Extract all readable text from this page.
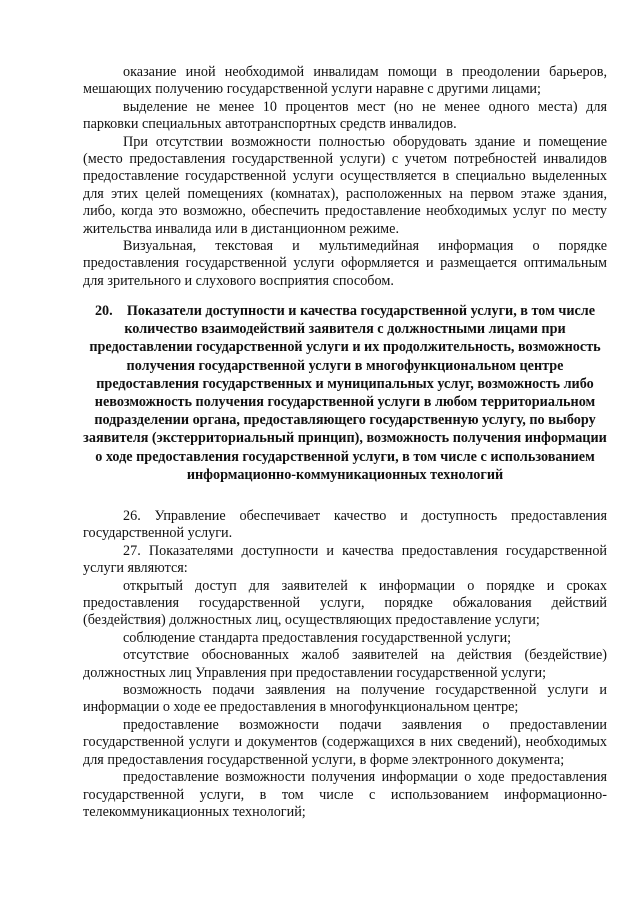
оказание иной необходимой инвалидам помощи в преодолении барьеров, мешающих получению государственной услуги наравне с другими лицами;

выделение не менее 10 процентов мест (но не менее одного места) для парковки специальных автотранспортных средств инвалидов.

При отсутствии возможности полностью оборудовать здание и помещение (место предоставления государственной услуги) с учетом потребностей инвалидов предоставление государственной услуги осуществляется в специально выделенных для этих целей помещениях (комнатах), расположенных на первом этаже здания, либо, когда это возможно, обеспечить предоставление необходимых услуг по месту жительства инвалида или в дистанционном режиме.

Визуальная, текстовая и мультимедийная информация о порядке предоставления государственной услуги оформляется и размещается оптимальным для зрительного и слухового восприятия способом.

20. Показатели доступности и качества государственной услуги, в том числе количество взаимодействий заявителя с должностными лицами при предоставлении государственной услуги и их продолжительность, возможность получения государственной услуги в многофункциональном центре предоставления государственных и муниципальных услуг, возможность либо невозможность получения государственной услуги в любом территориальном подразделении органа, предоставляющего государственную услугу, по выбору заявителя (экстерриториальный принцип), возможность получения информации о ходе предоставления государственной услуги, в том числе с использованием информационно-коммуникационных технологий

26. Управление обеспечивает качество и доступность предоставления государственной услуги.

27. Показателями доступности и качества предоставления государственной услуги являются:

открытый доступ для заявителей к информации о порядке и сроках предоставления государственной услуги, порядке обжалования действий (бездействия) должностных лиц, осуществляющих предоставление услуги;

соблюдение стандарта предоставления государственной услуги;

отсутствие обоснованных жалоб заявителей на действия (бездействие) должностных лиц Управления при предоставлении государственной услуги;

возможность подачи заявления на получение государственной услуги и информации о ходе ее предоставления в многофункциональном центре;

предоставление возможности подачи заявления о предоставлении государственной услуги и документов (содержащихся в них сведений), необходимых для предоставления государственной услуги, в форме электронного документа;

предоставление возможности получения информации о ходе предоставления государственной услуги, в том числе с использованием информационно-телекоммуникационных технологий;
